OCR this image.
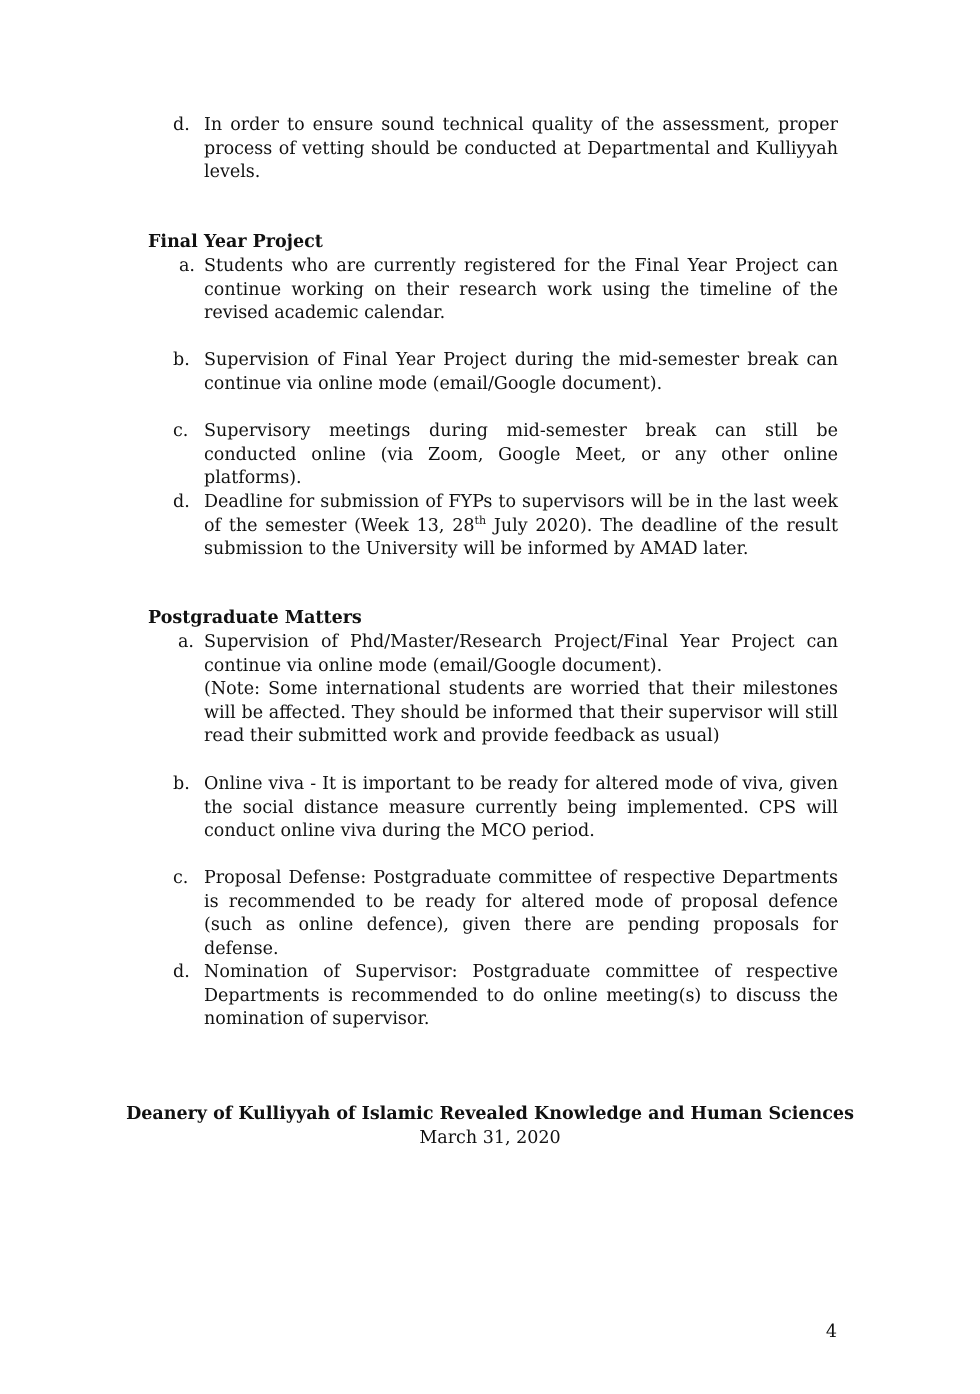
d. In order to ensure sound technical quality of the assessment, proper process of vetting should be conducted at Departmental and Kulliyyah levels.
Final Year Project
a. Students who are currently registered for the Final Year Project can continue working on their research work using the timeline of the revised academic calendar.
b. Supervision of Final Year Project during the mid-semester break can continue via online mode (email/Google document).
c. Supervisory meetings during mid-semester break can still be conducted online (via Zoom, Google Meet, or any other online platforms).
d. Deadline for submission of FYPs to supervisors will be in the last week of the semester (Week 13, 28th July 2020). The deadline of the result submission to the University will be informed by AMAD later.
Postgraduate Matters
a. Supervision of Phd/Master/Research Project/Final Year Project can continue via online mode (email/Google document).
(Note: Some international students are worried that their milestones will be affected. They should be informed that their supervisor will still read their submitted work and provide feedback as usual)
b. Online viva - It is important to be ready for altered mode of viva, given the social distance measure currently being implemented. CPS will conduct online viva during the MCO period.
c. Proposal Defense: Postgraduate committee of respective Departments is recommended to be ready for altered mode of proposal defence (such as online defence), given there are pending proposals for defense.
d. Nomination of Supervisor: Postgraduate committee of respective Departments is recommended to do online meeting(s) to discuss the nomination of supervisor.
Deanery of Kulliyyah of Islamic Revealed Knowledge and Human Sciences
March 31, 2020
4
